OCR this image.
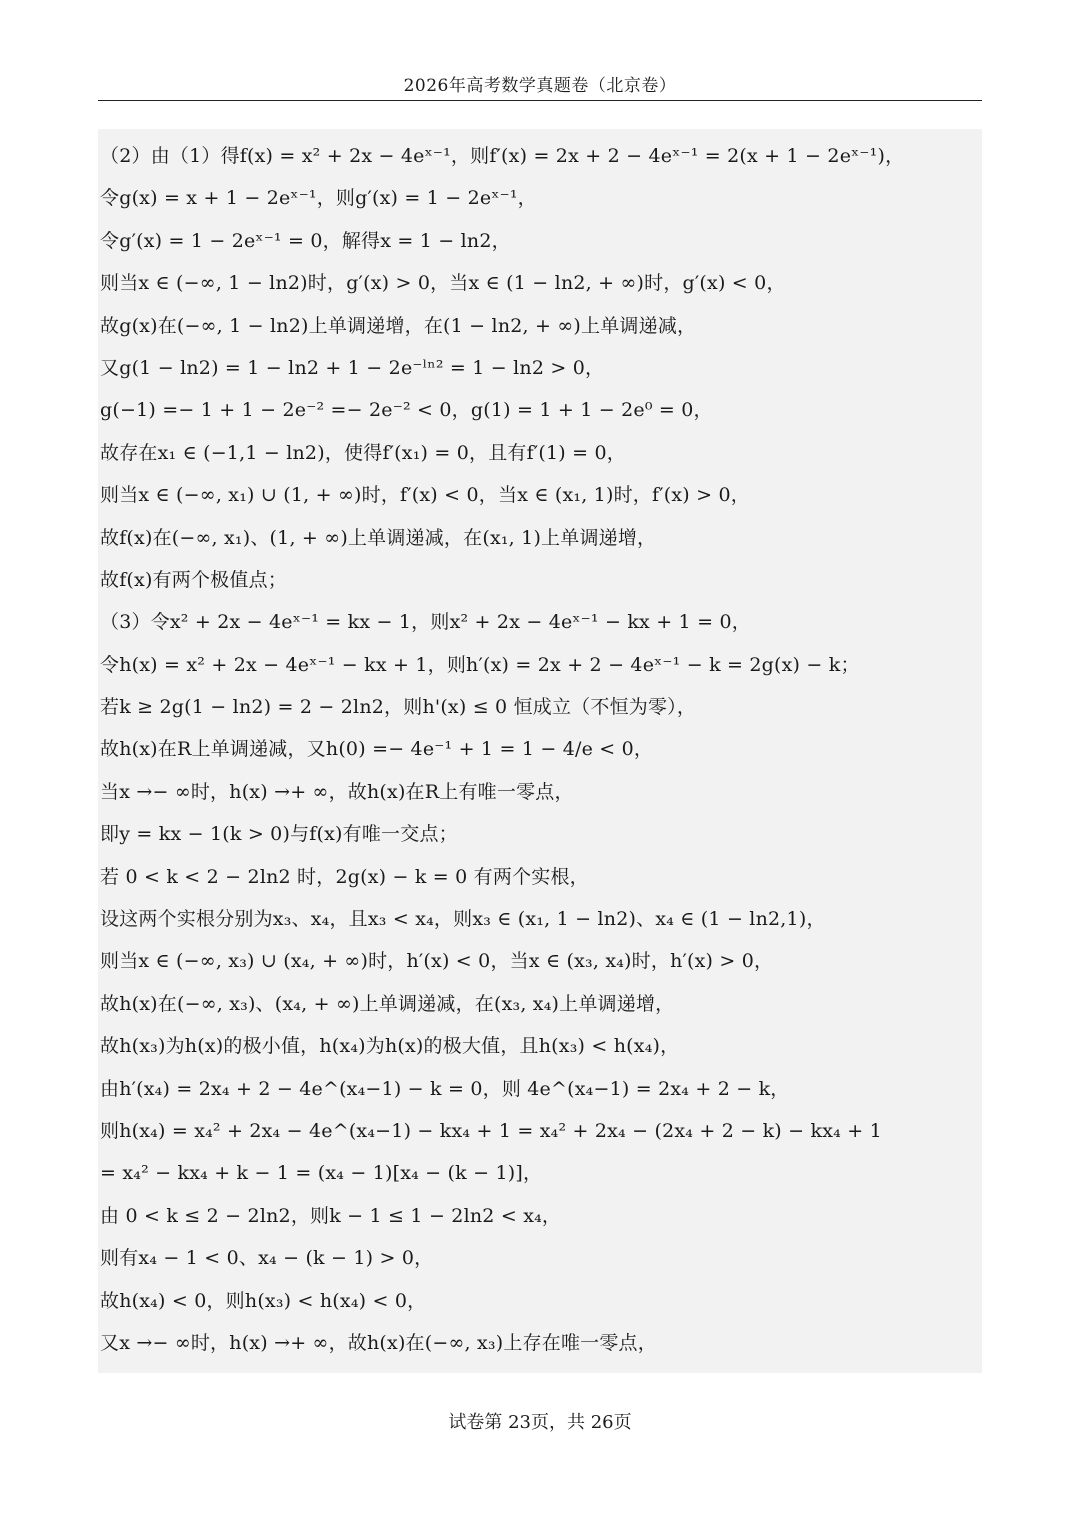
2026年高考数学真题卷（北京卷）
（2）由（1）得f(x) = x² + 2x − 4eˣ⁻¹，则f′(x) = 2x + 2 − 4eˣ⁻¹ = 2(x + 1 − 2eˣ⁻¹)，
令g(x) = x + 1 − 2eˣ⁻¹，则g′(x) = 1 − 2eˣ⁻¹，
令g′(x) = 1 − 2eˣ⁻¹ = 0，解得x = 1 − ln2，
则当x ∈ (−∞, 1 − ln2)时，g′(x) > 0，当x ∈ (1 − ln2, + ∞)时，g′(x) < 0，
故g(x)在(−∞, 1 − ln2)上单调递增，在(1 − ln2, + ∞)上单调递减，
又g(1 − ln2) = 1 − ln2 + 1 − 2e⁻ˡⁿ² = 1 − ln2 > 0，
g(−1) =− 1 + 1 − 2e⁻² =− 2e⁻² < 0，g(1) = 1 + 1 − 2e⁰ = 0，
故存在x₁ ∈ (−1,1 − ln2)，使得f′(x₁) = 0，且有f′(1) = 0，
则当x ∈ (−∞, x₁) ∪ (1, + ∞)时，f′(x) < 0，当x ∈ (x₁, 1)时，f′(x) > 0，
故f(x)在(−∞, x₁)、(1, + ∞)上单调递减，在(x₁, 1)上单调递增，
故f(x)有两个极值点；
（3）令x² + 2x − 4eˣ⁻¹ = kx − 1，则x² + 2x − 4eˣ⁻¹ − kx + 1 = 0，
令h(x) = x² + 2x − 4eˣ⁻¹ − kx + 1，则h′(x) = 2x + 2 − 4eˣ⁻¹ − k = 2g(x) − k；
若k ≥ 2g(1 − ln2) = 2 − 2ln2，则h'(x) ≤ 0 恒成立（不恒为零），
故h(x)在R上单调递减，又h(0) =− 4e⁻¹ + 1 = 1 − 4/e < 0，
当x →− ∞时，h(x) →+ ∞，故h(x)在R上有唯一零点，
即y = kx − 1(k > 0)与f(x)有唯一交点；
若 0 < k < 2 − 2ln2 时，2g(x) − k = 0 有两个实根，
设这两个实根分别为x₃、x₄，且x₃ < x₄，则x₃ ∈ (x₁, 1 − ln2)、x₄ ∈ (1 − ln2,1)，
则当x ∈ (−∞, x₃) ∪ (x₄, + ∞)时，h′(x) < 0，当x ∈ (x₃, x₄)时，h′(x) > 0，
故h(x)在(−∞, x₃)、(x₄, + ∞)上单调递减，在(x₃, x₄)上单调递增，
故h(x₃)为h(x)的极小值，h(x₄)为h(x)的极大值，且h(x₃) < h(x₄)，
由h′(x₄) = 2x₄ + 2 − 4e^(x₄−1) − k = 0，则 4e^(x₄−1) = 2x₄ + 2 − k，
则h(x₄) = x₄² + 2x₄ − 4e^(x₄−1) − kx₄ + 1 = x₄² + 2x₄ − (2x₄ + 2 − k) − kx₄ + 1
= x₄² − kx₄ + k − 1 = (x₄ − 1)[x₄ − (k − 1)]，
由 0 < k ≤ 2 − 2ln2，则k − 1 ≤ 1 − 2ln2 < x₄，
则有x₄ − 1 < 0、x₄ − (k − 1) > 0，
故h(x₄) < 0，则h(x₃) < h(x₄) < 0，
又x →− ∞时，h(x) →+ ∞，故h(x)在(−∞, x₃)上存在唯一零点，
试卷第 23页，共 26页
